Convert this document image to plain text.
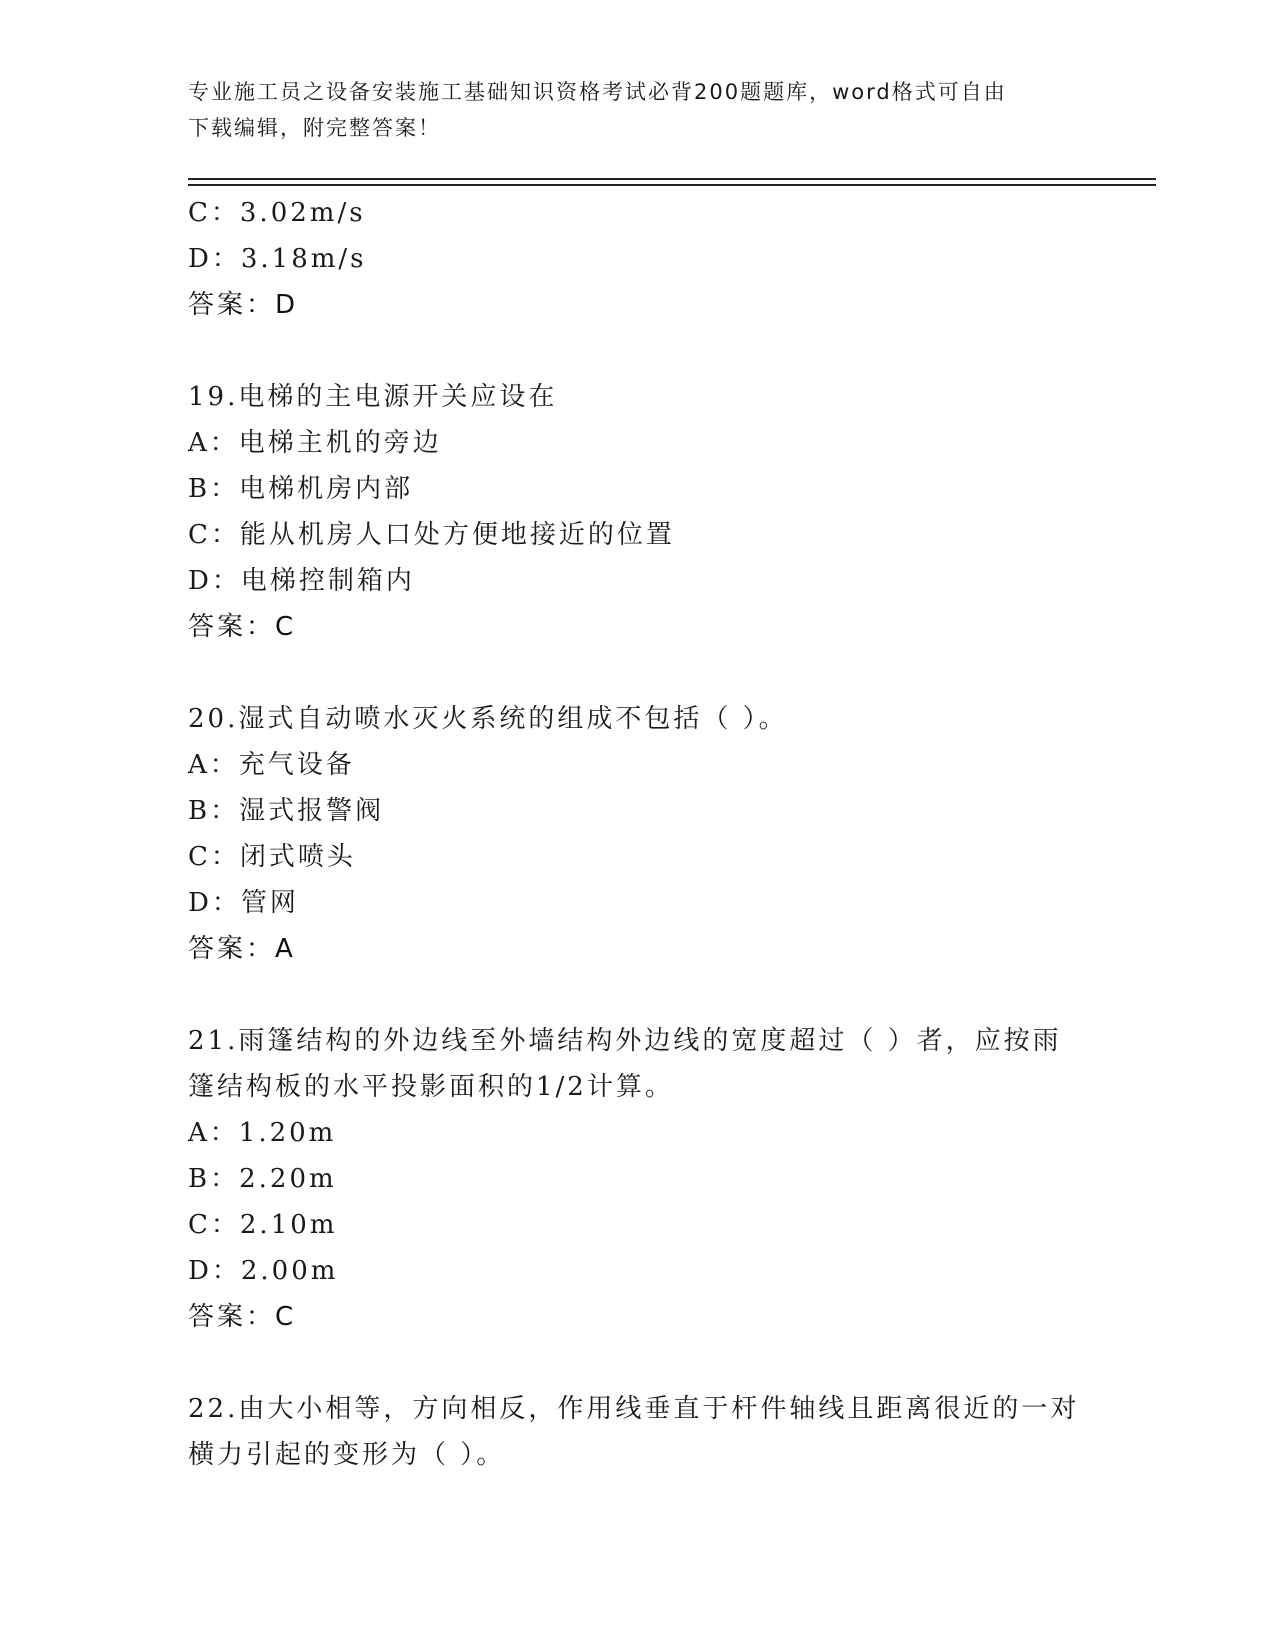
专业施工员之设备安装施工基础知识资格考试必背200题题库，word格式可自由
下载编辑，附完整答案！
C：3.02m/s
D：3.18m/s
答案：D
19.电梯的主电源开关应设在
A：电梯主机的旁边
B：电梯机房内部
C：能从机房人口处方便地接近的位置
D：电梯控制箱内
答案：C
20.湿式自动喷水灭火系统的组成不包括（ ）。
A：充气设备
B：湿式报警阀
C：闭式喷头
D：管网
答案：A
21.雨篷结构的外边线至外墙结构外边线的宽度超过（ ）者，应按雨
篷结构板的水平投影面积的1/2计算。
A：1.20m
B：2.20m
C：2.10m
D：2.00m
答案：C
22.由大小相等，方向相反，作用线垂直于杆件轴线且距离很近的一对
横力引起的变形为（ ）。
